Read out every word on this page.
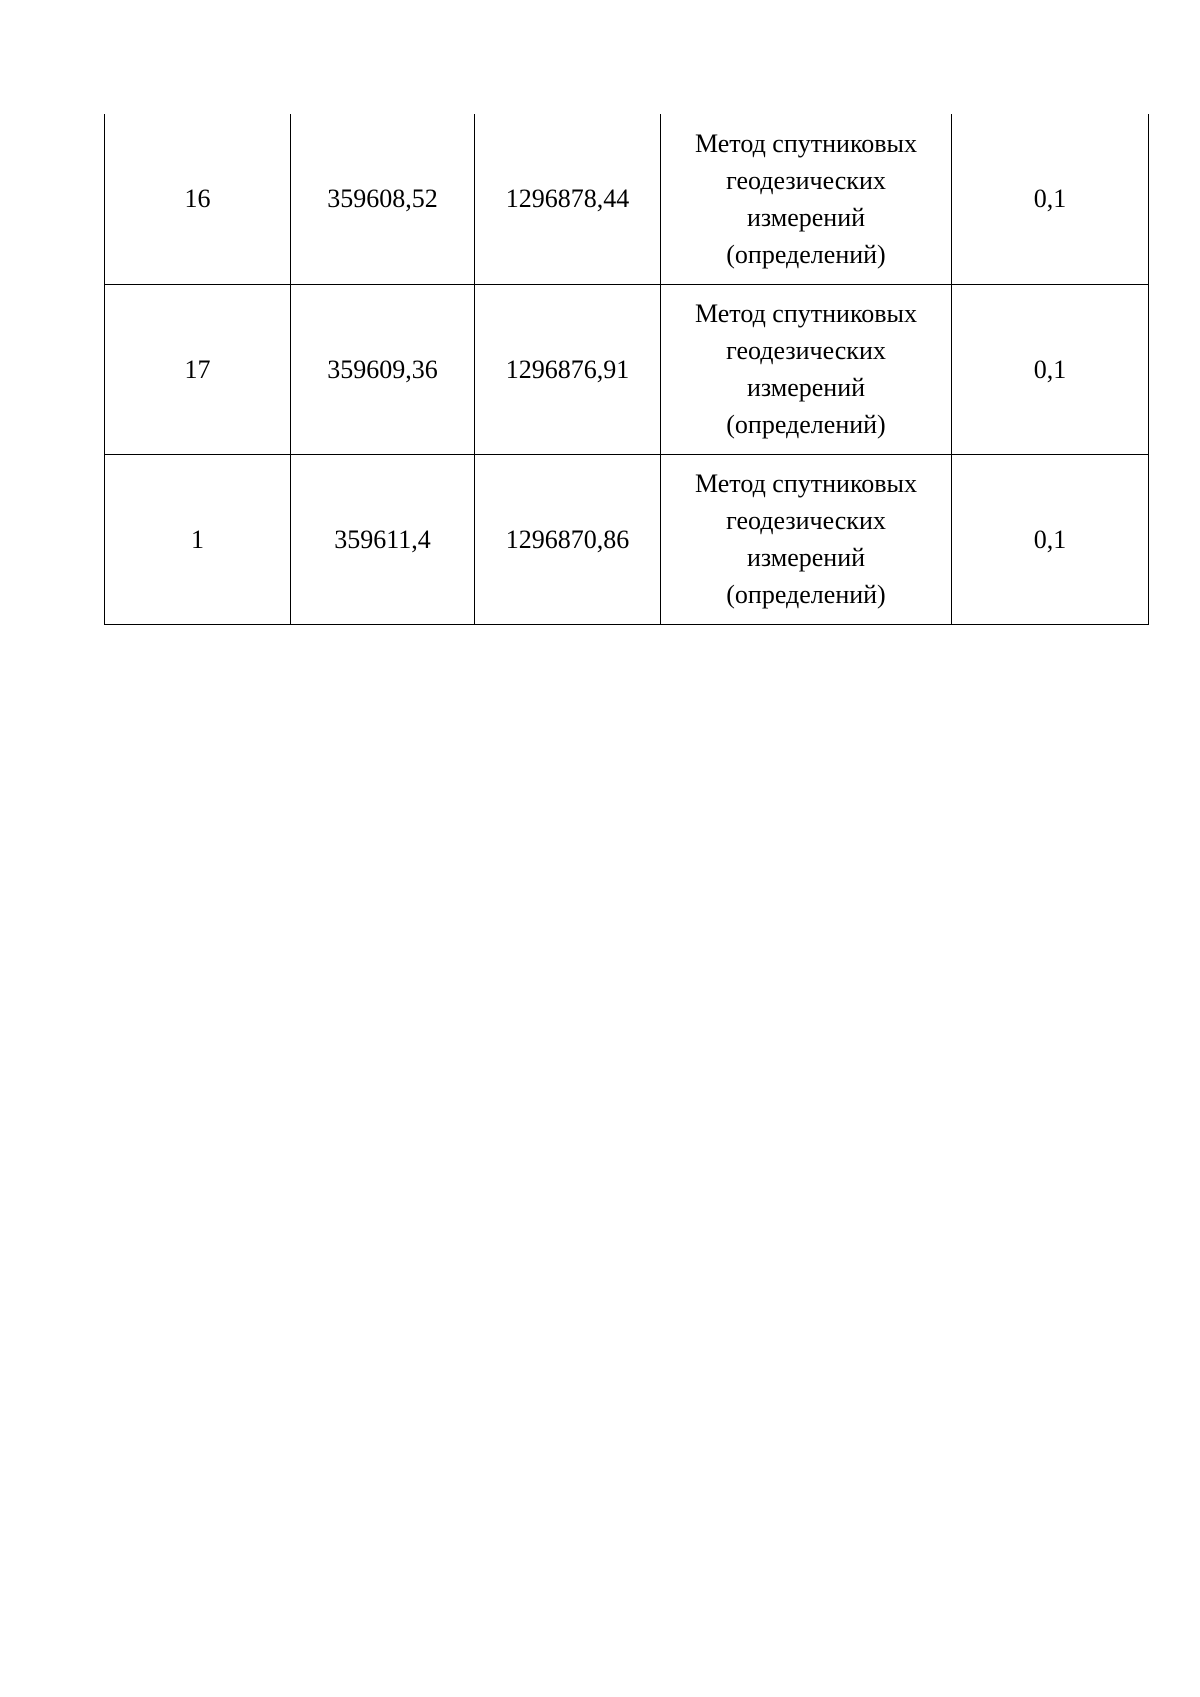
16	359608,52	1296878,44	Метод спутниковых
геодезических
измерений
(определений)	0,1
17	359609,36	1296876,91	Метод спутниковых
геодезических
измерений
(определений)	0,1
1	359611,4	1296870,86	Метод спутниковых
геодезических
измерений
(определений)	0,1
